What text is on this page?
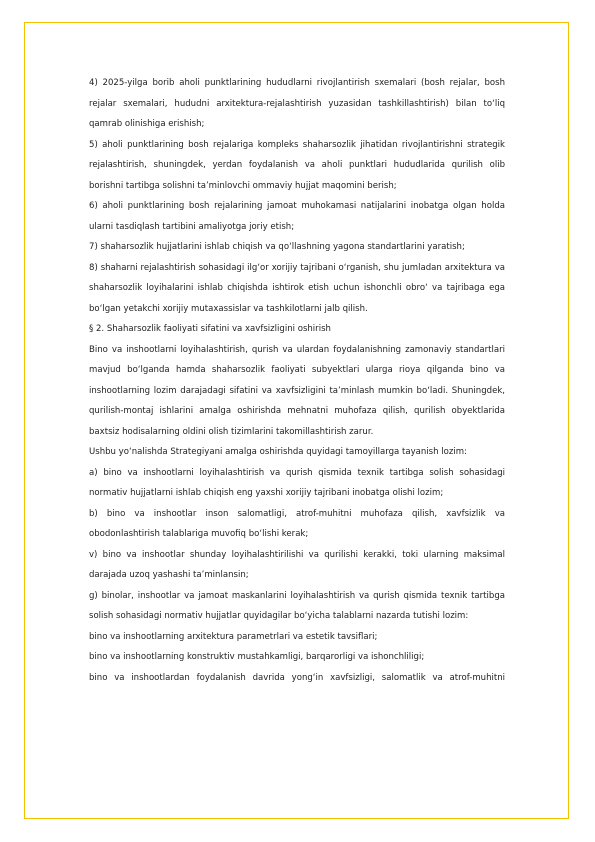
4) 2025-yilga borib aholi punktlarining hududlarni rivojlantirish sxemalari (bosh rejalar, bosh rejalar sxemalari, hududni arxitektura-rejalashtirish yuzasidan tashkillashtirish) bilan to‘liq qamrab olinishiga erishish;

5) aholi punktlarining bosh rejalariga kompleks shaharsozlik jihatidan rivojlantirishni strategik rejalashtirish, shuningdek, yerdan foydalanish va aholi punktlari hududlarida qurilish olib borishni tartibga solishni ta’minlovchi ommaviy hujjat maqomini berish;

6) aholi punktlarining bosh rejalarining jamoat muhokamasi natijalarini inobatga olgan holda ularni tasdiqlash tartibini amaliyotga joriy etish;

7) shaharsozlik hujjatlarini ishlab chiqish va qo‘llashning yagona standartlarini yaratish;

8) shaharni rejalashtirish sohasidagi ilg‘or xorijiy tajribani o‘rganish, shu jumladan arxitektura va shaharsozlik loyihalarini ishlab chiqishda ishtirok etish uchun ishonchli obro‘ va tajribaga ega bo‘lgan yetakchi xorijiy mutaxassislar va tashkilotlarni jalb qilish.

§ 2. Shaharsozlik faoliyati sifatini va xavfsizligini oshirish

Bino va inshootlarni loyihalashtirish, qurish va ulardan foydalanishning zamonaviy standartlari mavjud bo‘lganda hamda shaharsozlik faoliyati subyektlari ularga rioya qilganda bino va inshootlarning lozim darajadagi sifatini va xavfsizligini ta’minlash mumkin bo‘ladi. Shuningdek, qurilish-montaj ishlarini amalga oshirishda mehnatni muhofaza qilish, qurilish obyektlarida baxtsiz hodisalarning oldini olish tizimlarini takomillashtirish zarur.

Ushbu yo‘nalishda Strategiyani amalga oshirishda quyidagi tamoyillarga tayanish lozim:

a) bino va inshootlarni loyihalashtirish va qurish qismida texnik tartibga solish sohasidagi normativ hujjatlarni ishlab chiqish eng yaxshi xorijiy tajribani inobatga olishi lozim;

b) bino va inshootlar inson salomatligi, atrof-muhitni muhofaza qilish, xavfsizlik va obodonlashtirish talablariga muvofiq bo‘lishi kerak;

v) bino va inshootlar shunday loyihalashtirilishi va qurilishi kerakki, toki ularning maksimal darajada uzoq yashashi ta’minlansin;

g) binolar, inshootlar va jamoat maskanlarini loyihalashtirish va qurish qismida texnik tartibga solish sohasidagi normativ hujjatlar quyidagilar bo‘yicha talablarni nazarda tutishi lozim:

bino va inshootlarning arxitektura parametrlari va estetik tavsiflari;

bino va inshootlarning konstruktiv mustahkamligi, barqarorligi va ishonchliligi;

bino va inshootlardan foydalanish davrida yong‘in xavfsizligi, salomatlik va atrof-muhitni
